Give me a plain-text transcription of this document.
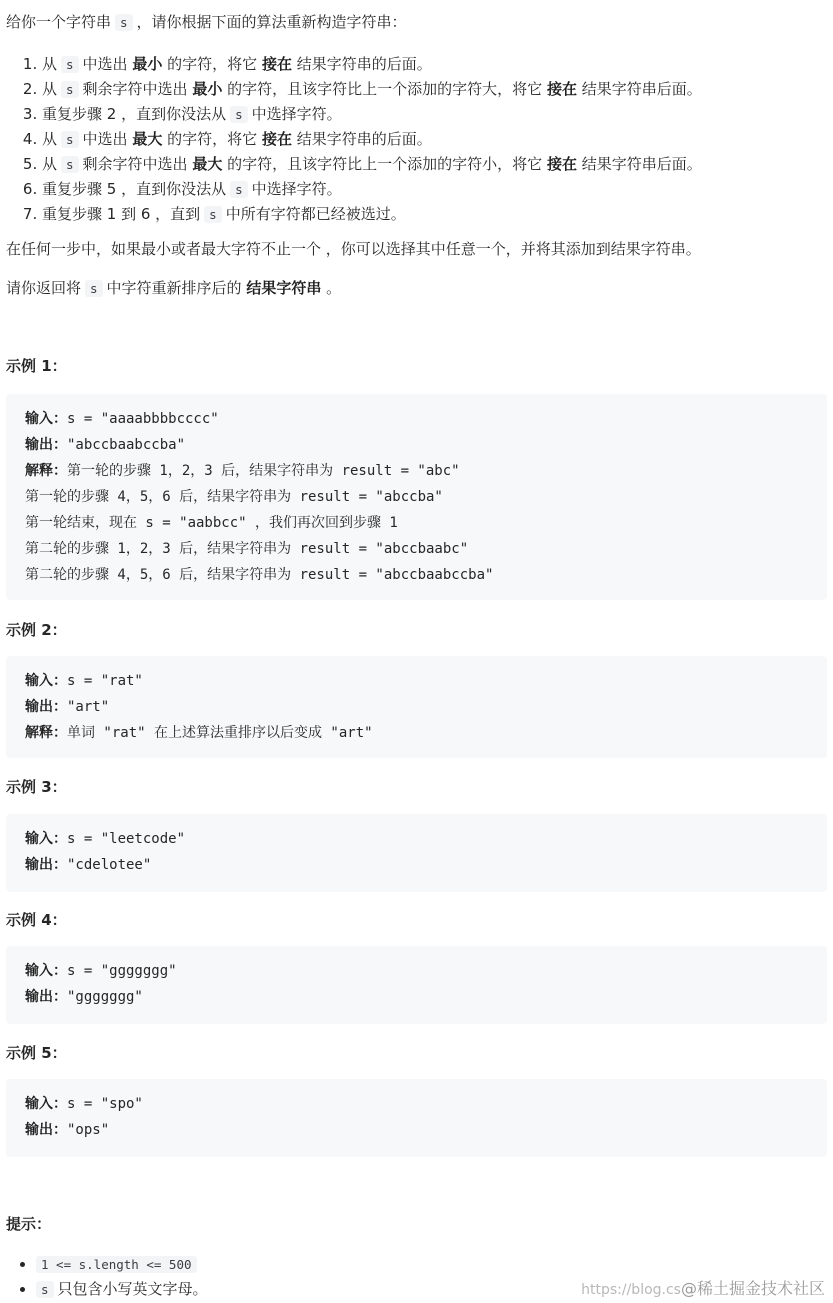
给你一个字符串 s ，请你根据下面的算法重新构造字符串：
1. 从 s 中选出 最小 的字符，将它 接在 结果字符串的后面。
2. 从 s 剩余字符中选出 最小 的字符，且该字符比上一个添加的字符大，将它 接在 结果字符串后面。
3. 重复步骤 2 ，直到你没法从 s 中选择字符。
4. 从 s 中选出 最大 的字符，将它 接在 结果字符串的后面。
5. 从 s 剩余字符中选出 最大 的字符，且该字符比上一个添加的字符小，将它 接在 结果字符串后面。
6. 重复步骤 5 ，直到你没法从 s 中选择字符。
7. 重复步骤 1 到 6 ，直到 s 中所有字符都已经被选过。
在任何一步中，如果最小或者最大字符不止一个 ，你可以选择其中任意一个，并将其添加到结果字符串。
请你返回将 s 中字符重新排序后的 结果字符串 。
示例 1：
输入：s = "aaaabbbbcccc"
输出："abccbaabccba"
解释：第一轮的步骤 1，2，3 后，结果字符串为 result = "abc"
第一轮的步骤 4，5，6 后，结果字符串为 result = "abccba"
第一轮结束，现在 s = "aabbcc" ，我们再次回到步骤 1
第二轮的步骤 1，2，3 后，结果字符串为 result = "abccbaabc"
第二轮的步骤 4，5，6 后，结果字符串为 result = "abccbaabccba"
示例 2：
输入：s = "rat"
输出："art"
解释：单词 "rat" 在上述算法重排序以后变成 "art"
示例 3：
输入：s = "leetcode"
输出："cdelotee"
示例 4：
输入：s = "ggggggg"
输出："ggggggg"
示例 5：
输入：s = "spo"
输出："ops"
提示：
• 1 <= s.length <= 500
• s 只包含小写英文字母。	https://blog.cs@稀土掘金技术社区
